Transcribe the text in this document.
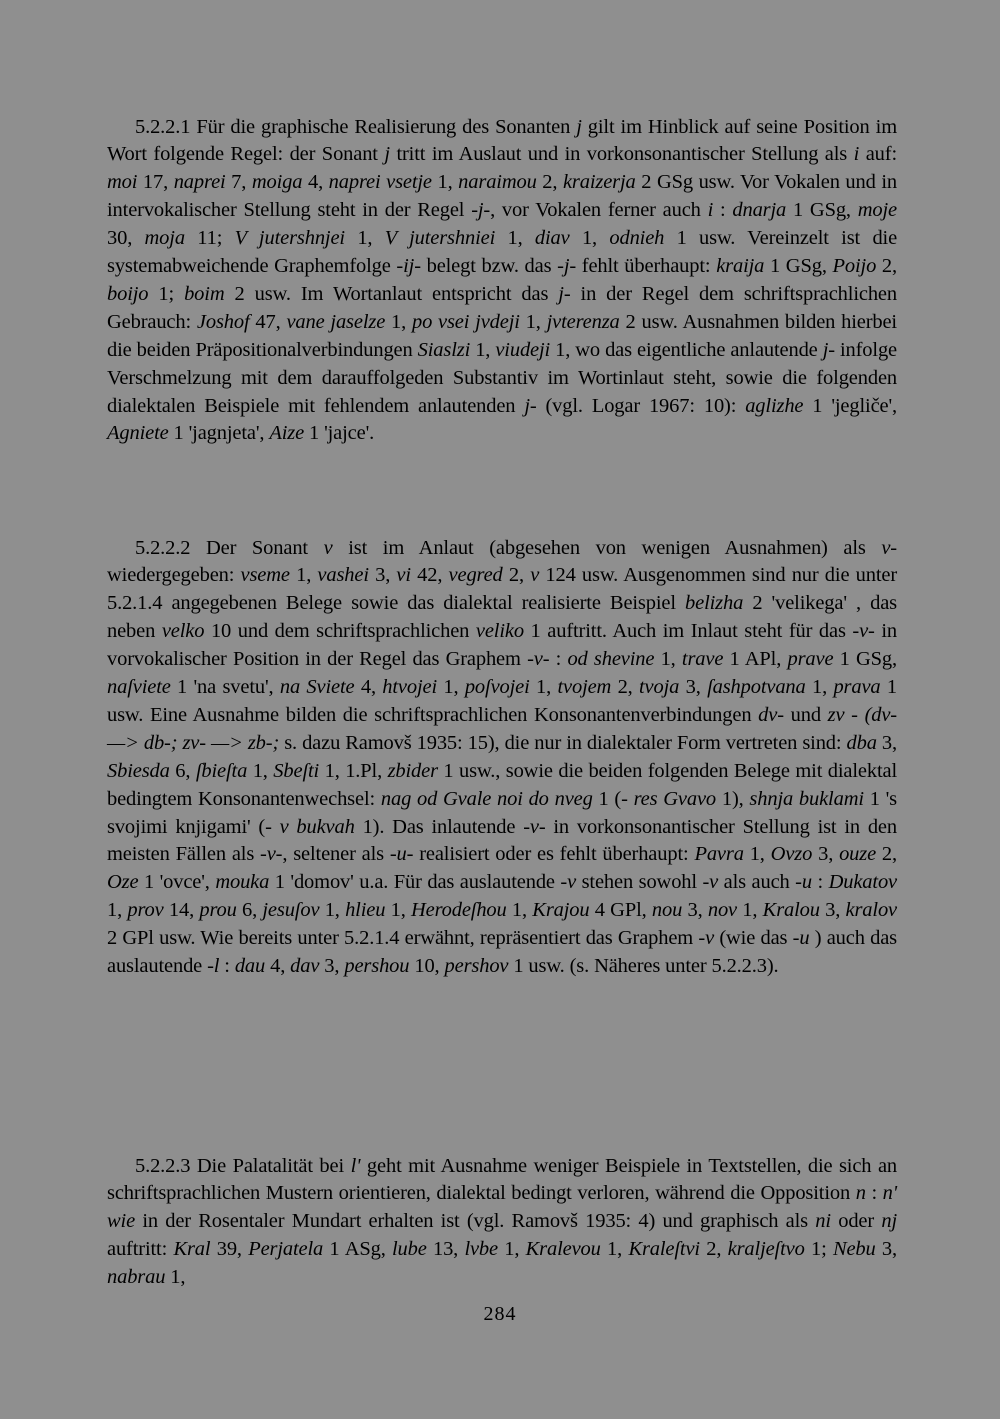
5.2.2.1 Für die graphische Realisierung des Sonanten j gilt im Hinblick auf seine Position im Wort folgende Regel: der Sonant j tritt im Auslaut und in vorkonsonantischer Stellung als i auf: moi 17, naprei 7, moiga 4, naprei vsetje 1, naraimou 2, kraizerja 2 GSg usw. Vor Vokalen und in intervokalischer Stellung steht in der Regel -j-, vor Vokalen ferner auch i : dnarja 1 GSg, moje 30, moja 11; V jutershnjei 1, V jutershniei 1, diav 1, odnieh 1 usw. Vereinzelt ist die systemabweichende Graphemfolge -ij- belegt bzw. das -j- fehlt überhaupt: kraija 1 GSg, Poijo 2, boijo 1; boim 2 usw. Im Wortanlaut entspricht das j- in der Regel dem schriftsprachlichen Gebrauch: Joshof 47, vane jaselze 1, po vsei jvdeji 1, jvterenza 2 usw. Ausnahmen bilden hierbei die beiden Präpositionalverbindungen Siaslzi 1, viudeji 1, wo das eigentliche anlautende j- infolge Verschmelzung mit dem darauffolgeden Substantiv im Wortinlaut steht, sowie die folgenden dialektalen Beispiele mit fehlendem anlautenden j- (vgl. Logar 1967: 10): aglizhe 1 'jegliče', Agniete 1 'jagnjeta', Aize 1 'jajce'.

5.2.2.2 Der Sonant v ist im Anlaut (abgesehen von wenigen Ausnahmen) als v- wiedergegeben: vseme 1, vashei 3, vi 42, vegred 2, v 124 usw. Ausgenommen sind nur die unter 5.2.1.4 angegebenen Belege sowie das dialektal realisierte Beispiel belizha 2 'velikega' , das neben velko 10 und dem schriftsprachlichen veliko 1 auftritt. Auch im Inlaut steht für das -v- in vorvokalischer Position in der Regel das Graphem -v- : od shevine 1, trave 1 APl, prave 1 GSg, naſviete 1 'na svetu', na Sviete 4, htvojei 1, poſvojei 1, tvojem 2, tvoja 3, ſashpotvana 1, prava 1 usw. Eine Ausnahme bilden die schriftsprachlichen Konsonantenverbindungen dv- und zv - (dv- —> db-; zv- —> zb-; s. dazu Ramovš 1935: 15), die nur in dialektaler Form vertreten sind: dba 3, Sbiesda 6, ſbieſta 1, Sbeſti 1, 1.Pl, zbider 1 usw., sowie die beiden folgenden Belege mit dialektal bedingtem Konsonantenwechsel: nag od Gvale noi do nveg 1 (- res Gvavo 1), shnja buklami 1 's svojimi knjigami' (- v bukvah 1). Das inlautende -v- in vorkonsonantischer Stellung ist in den meisten Fällen als -v-, seltener als -u- realisiert oder es fehlt überhaupt: Pavra 1, Ovzo 3, ouze 2, Oze 1 'ovce', mouka 1 'domov' u.a. Für das auslautende -v stehen sowohl -v als auch -u : Dukatov 1, prov 14, prou 6, jesuſov 1, hlieu 1, Herodeſhou 1, Krajou 4 GPl, nou 3, nov 1, Kralou 3, kralov 2 GPl usw. Wie bereits unter 5.2.1.4 erwähnt, repräsentiert das Graphem -v (wie das -u ) auch das auslautende -l : dau 4, dav 3, pershou 10, pershov 1 usw. (s. Näheres unter 5.2.2.3).

5.2.2.3 Die Palatalität bei l' geht mit Ausnahme weniger Beispiele in Textstellen, die sich an schriftsprachlichen Mustern orientieren, dialektal bedingt verloren, während die Opposition n : n' wie in der Rosentaler Mundart erhalten ist (vgl. Ramovš 1935: 4) und graphisch als ni oder nj auftritt: Kral 39, Perjatela 1 ASg, lube 13, lvbe 1, Kralevou 1, Kraleſtvi 2, kraljeſtvo 1; Nebu 3, nabrau 1,

284
